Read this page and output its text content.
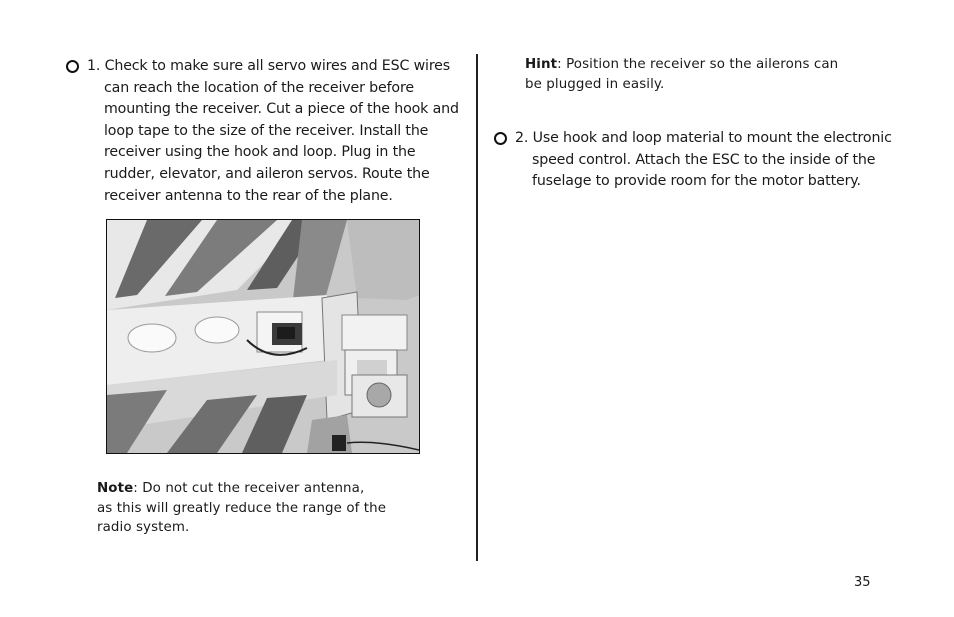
1. Check to make sure all servo wires and ESC wires
can reach the location of the receiver before
mounting the receiver. Cut a piece of the hook and
loop tape to the size of the receiver. Install the
receiver using the hook and loop. Plug in the
rudder, elevator, and aileron servos. Route the
receiver antenna to the rear of the plane.
Note: Do not cut the receiver antenna,
as this will greatly reduce the range of the
radio system.
Hint: Position the receiver so the ailerons can
be plugged in easily.
2. Use hook and loop material to mount the electronic
speed control. Attach the ESC to the inside of the
fuselage to provide room for the motor battery.
35
